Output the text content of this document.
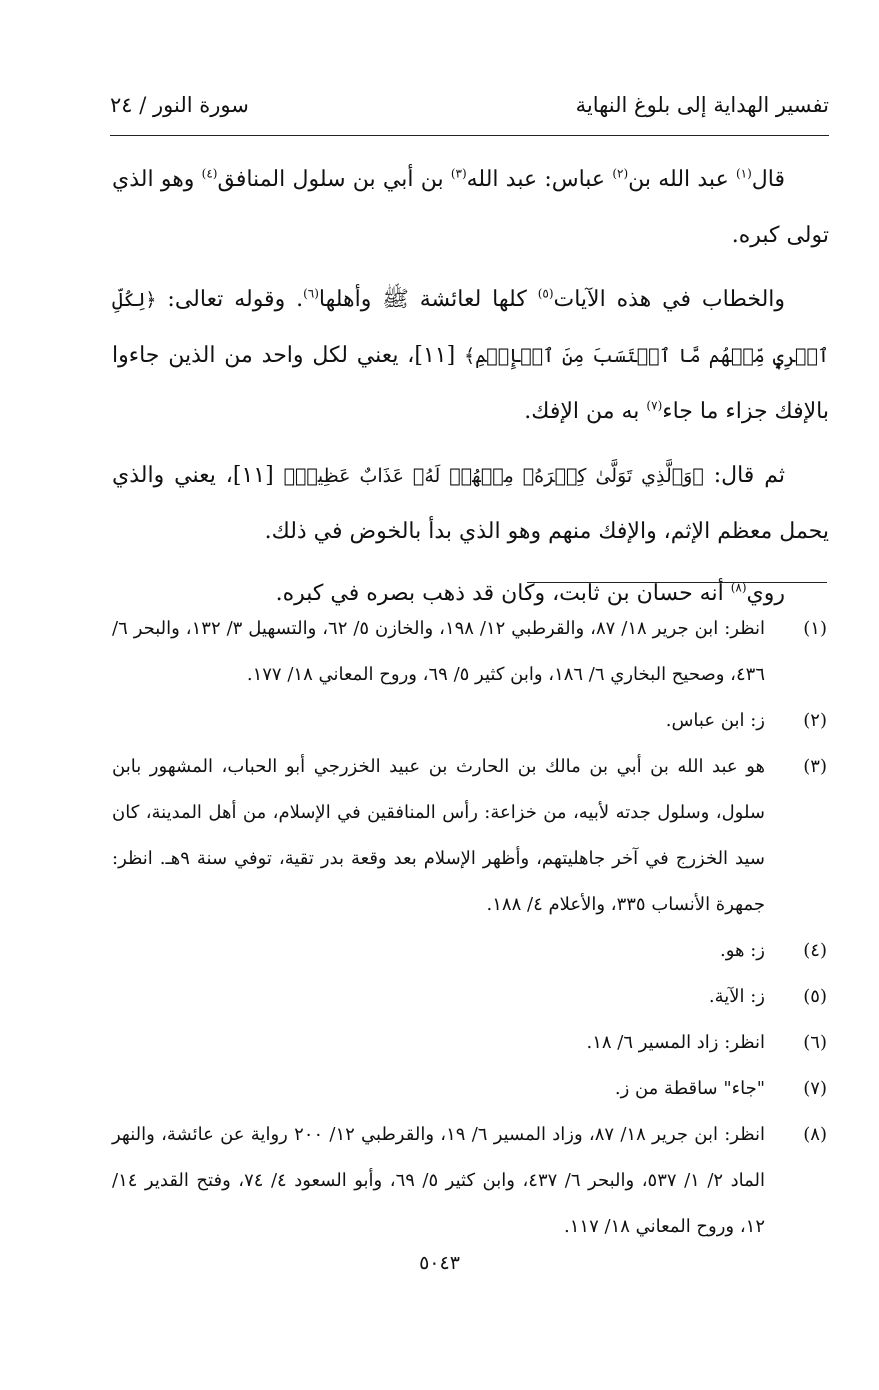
تفسير الهداية إلى بلوغ النهاية
سورة النور / ٢٤

قال$^{(١)}$ عبد الله بن$^{(٢)}$ عباس: عبد الله$^{(٣)}$ بن أبي بن سلول المنافق$^{(٤)}$ وهو الذي تولى كبره.

والخطاب في هذه الآيات$^{(٥)}$ كلها لعائشة ﷺ وأهلها$^{(٦)}$. وقوله تعالى: ﴿لِكُلِّ ٱمۡرِيٕٖ مِّنۡهُم مَّا ٱكۡتَسَبَ مِنَ ٱلۡإِثۡمِ﴾ [١١]، يعني لكل واحد من الذين جاءوا بالإفك جزاء ما جاء$^{(٧)}$ به من الإفك.

ثم قال: ﴿وَٱلَّذِي تَوَلَّىٰ كِبۡرَهُۥ مِنۡهُمۡ لَهُۥ عَذَابٌ عَظِيمٞ﴾ [١١]، يعني والذي يحمل معظم الإثم، والإفك منهم وهو الذي بدأ بالخوض في ذلك.

روي$^{(٨)}$ أنه حسان بن ثابت، وكان قد ذهب بصره في كبره.

(١)
انظر: ابن جرير ١٨/ ٨٧، والقرطبي ١٢/ ١٩٨، والخازن ٥/ ٦٢، والتسهيل ٣/ ١٣٢، والبحر ٦/ ٤٣٦، وصحيح البخاري ٦/ ١٨٦، وابن كثير ٥/ ٦٩، وروح المعاني ١٨/ ١٧٧.
(٢)
ز: ابن عباس.
(٣)
هو عبد الله بن أبي بن مالك بن الحارث بن عبيد الخزرجي أبو الحباب، المشهور بابن سلول، وسلول جدته لأبيه، من خزاعة: رأس المنافقين في الإسلام، من أهل المدينة، كان سيد الخزرج في آخر جاهليتهم، وأظهر الإسلام بعد وقعة بدر تقية، توفي سنة ٩هـ. انظر: جمهرة الأنساب ٣٣٥، والأعلام ٤/ ١٨٨.
(٤)
ز: هو.
(٥)
ز: الآية.
(٦)
انظر: زاد المسير ٦/ ١٨.
(٧)
"جاء" ساقطة من ز.
(٨)
انظر: ابن جرير ١٨/ ٨٧، وزاد المسير ٦/ ١٩، والقرطبي ١٢/ ٢٠٠ رواية عن عائشة، والنهر الماد ٢/ ١/ ٥٣٧، والبحر ٦/ ٤٣٧، وابن كثير ٥/ ٦٩، وأبو السعود ٤/ ٧٤، وفتح القدير ١٤/ ١٢، وروح المعاني ١٨/ ١١٧.
٥٠٤٣
